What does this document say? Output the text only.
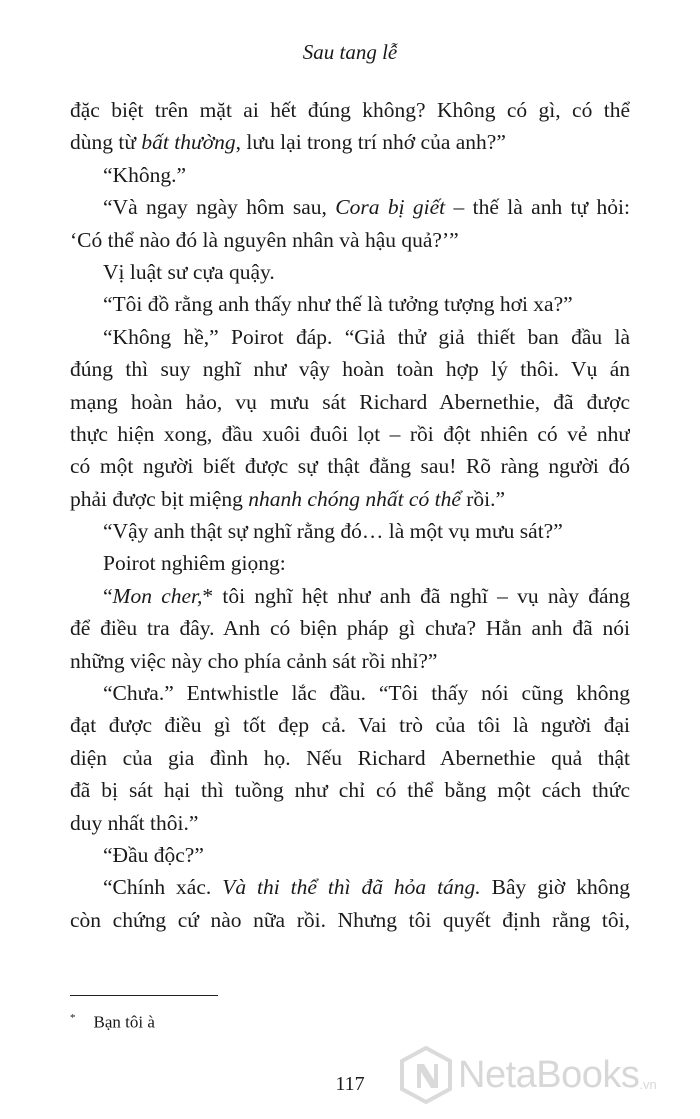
Sau tang lễ
đặc biệt trên mặt ai hết đúng không? Không có gì, có thể
dùng từ bất thường, lưu lại trong trí nhớ của anh?”
“Không.”
“Và ngay ngày hôm sau, Cora bị giết – thế là anh tự hỏi:
‘Có thể nào đó là nguyên nhân và hậu quả?’”
Vị luật sư cựa quậy.
“Tôi đồ rằng anh thấy như thế là tưởng tượng hơi xa?”
“Không hề,” Poirot đáp. “Giả thử giả thiết ban đầu là
đúng thì suy nghĩ như vậy hoàn toàn hợp lý thôi. Vụ án
mạng hoàn hảo, vụ mưu sát Richard Abernethie, đã được
thực hiện xong, đầu xuôi đuôi lọt – rồi đột nhiên có vẻ như
có một người biết được sự thật đằng sau! Rõ ràng người đó
phải được bịt miệng nhanh chóng nhất có thể rồi.”
“Vậy anh thật sự nghĩ rằng đó… là một vụ mưu sát?”
Poirot nghiêm giọng:
“Mon cher,* tôi nghĩ hệt như anh đã nghĩ – vụ này đáng
để điều tra đây. Anh có biện pháp gì chưa? Hẳn anh đã nói
những việc này cho phía cảnh sát rồi nhỉ?”
“Chưa.” Entwhistle lắc đầu. “Tôi thấy nói cũng không
đạt được điều gì tốt đẹp cả. Vai trò của tôi là người đại
diện của gia đình họ. Nếu Richard Abernethie quả thật
đã bị sát hại thì tuồng như chỉ có thể bằng một cách thức
duy nhất thôi.”
“Đầu độc?”
“Chính xác. Và thi thể thì đã hỏa táng. Bây giờ không
còn chứng cứ nào nữa rồi. Nhưng tôi quyết định rằng tôi,
* Bạn tôi à
117	NetaBooks .vn
